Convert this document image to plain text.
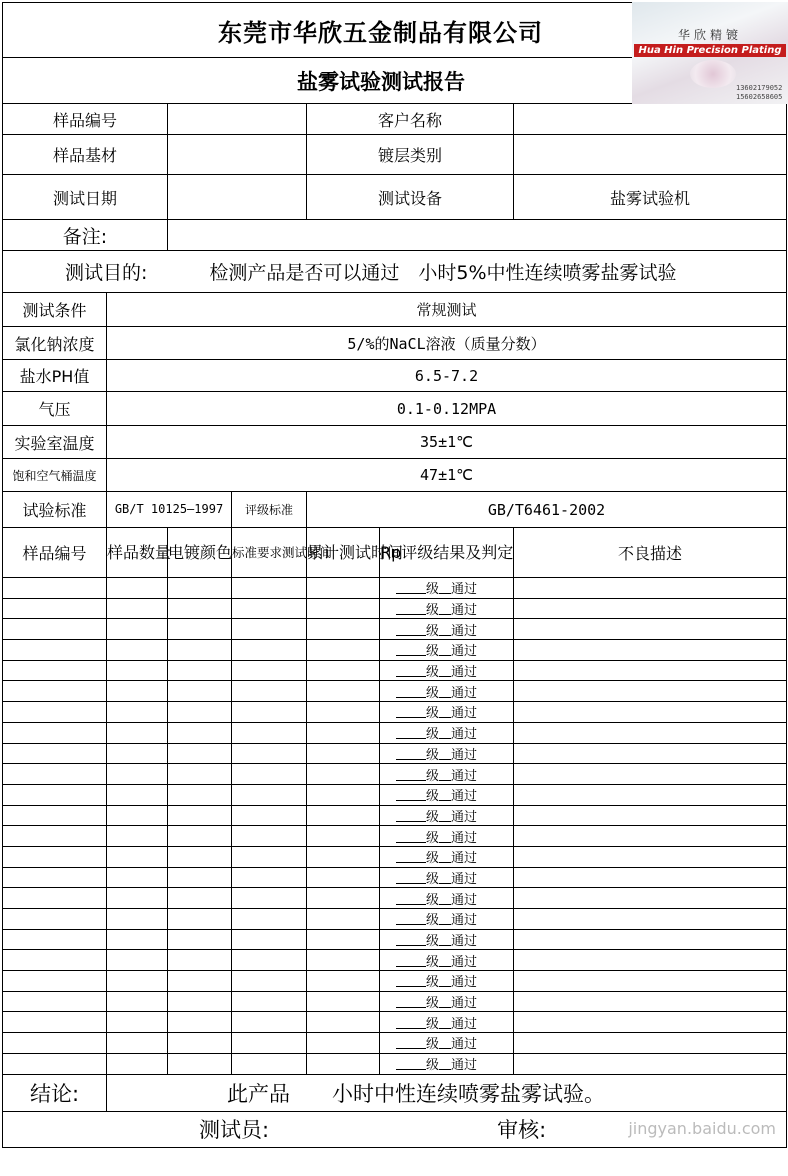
东莞市华欣五金制品有限公司						
盐雾试验测试报告						
样品编号				客户名称		
样品基材				镀层类别		
测试日期				测试设备		盐雾试验机
备注:						
测试目的: 检测产品是否可以通过　小时5%中性连续喷雾盐雾试验						
测试条件	常规测试					
氯化钠浓度	5/%的NaCL溶液（质量分数）					
盐水PH值	6.5-7.2					
气压	0.1-0.12MPA					
实验室温度	35±1℃					
饱和空气桶温度	47±1℃					
试验标准	GB/T 10125—1997		评级标准	GB/T6461-2002		
样品编号	样品数量	电镀颜色	标准要求测试时间	累计测试时间	Rp评级结果及判定	不良描述
					级 通过	
					级 通过	
					级 通过	
					级 通过	
					级 通过	
					级 通过	
					级 通过	
					级 通过	
					级 通过	
					级 通过	
					级 通过	
					级 通过	
					级 通过	
					级 通过	
					级 通过	
					级 通过	
					级 通过	
					级 通过	
					级 通过	
					级 通过	
					级 通过	
					级 通过	
					级 通过	
					级 通过	
结论:	此产品　　小时中性连续喷雾盐雾试验。					
测试员: 审核:						
华欣精镀
Hua Hin Precision Plating
13602179052
15602658605
jingyan.baidu.com
